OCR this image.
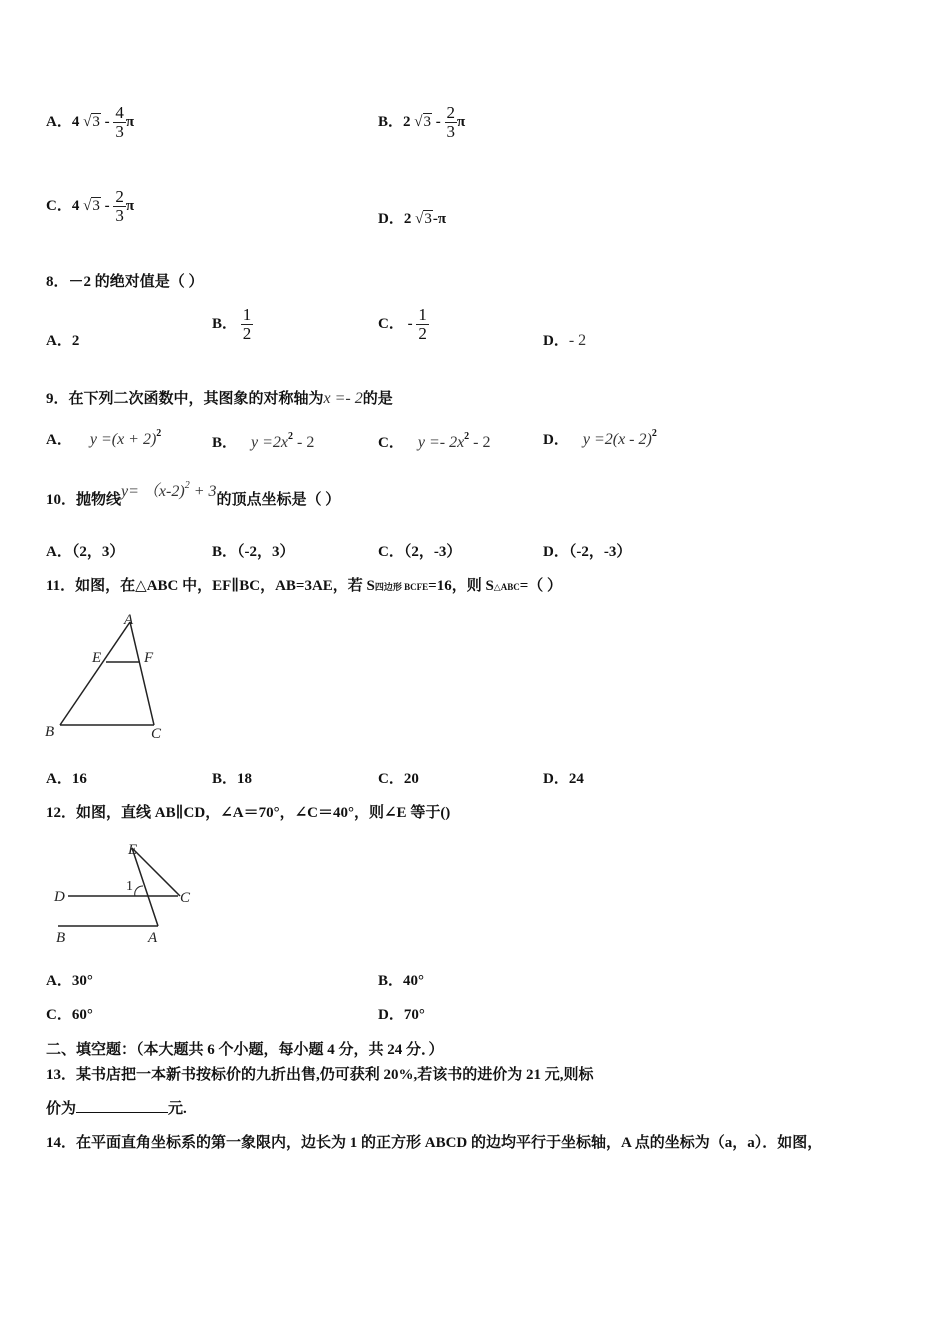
A．4 $√3 - \frac{4}{3}$ π	B．2 $√3 - \frac{2}{3}$ π
C．4 $√3 - \frac{2}{3}$ π
D．2 √3-π
8．－2 的绝对值是（ ）
A．2
B． $\frac{1}{2}$	C． - $\frac{1}{2}$	D．- 2
9．在下列二次函数中，其图象的对称轴为x =- 2的是
A． $y =(x + 2)^2$
B． $y =2x^2 - 2$	C． $y =- 2x^2 - 2$	D． y =2(x - 2)$^2$
10．抛物线y= （x-2)$^2$ + 3的顶点坐标是（ ）
A．（2，3）	B．（-2，3）	C．（2，-3）	D．（-2，-3）
11．如图，在△ABC 中，EF∥BC，AB=3AE，若 S四边形 BCFE=16，则 S△ABC=（ ）
A
E	F
B	C
A．16	B．18	C．20	D．24
12．如图，直线 AB∥CD，∠A＝70°，∠C＝40°，则∠E 等于()
E
1
D	C
B	A
A．30°	B．40°
C．60°	D．70°
二、填空题：（本大题共 6 个小题，每小题 4 分，共 24 分．）
13．某书店把一本新书按标价的九折出售,仍可获利 20%,若该书的进价为 21 元,则标
价为	元.
14．在平面直角坐标系的第一象限内，边长为 1 的正方形 ABCD 的边均平行于坐标轴，A 点的坐标为（a，a）．如图，
